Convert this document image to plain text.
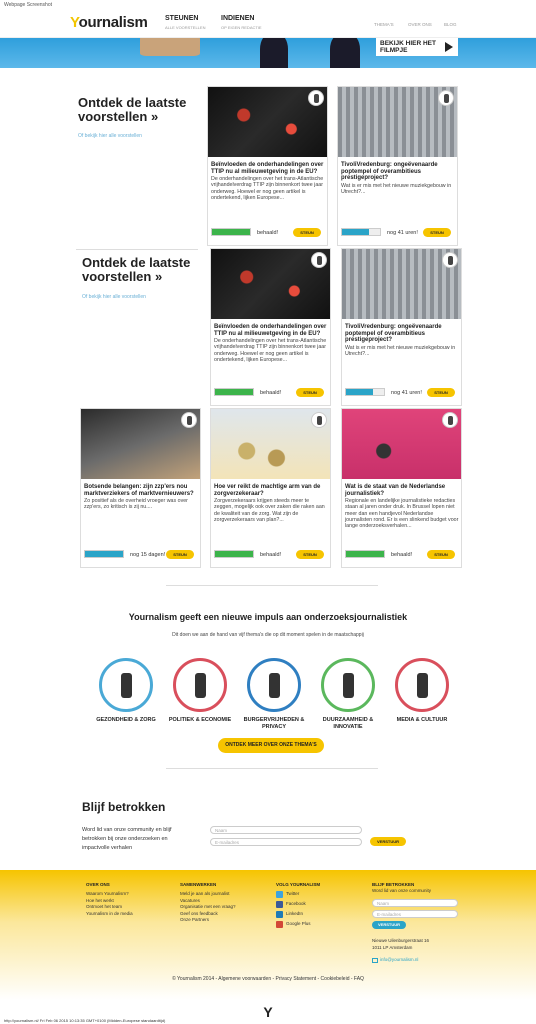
Webpage Screenshot
Yournalism STEUNEN
ALLE VOORSTELLEN
INDIENEN
OP EIGEN REDACTIE
THEMA'S	OVER ONS	BLOG
BEKIJK HIER HET FILMPJE
Ontdek de laatste voorstellen »
Of bekijk hier alle voorstellen
Ontdek de laatste voorstellen »
Of bekijk hier alle voorstellen
Yournalism geeft een nieuwe impuls aan onderzoeksjournalistiek
Dit doen we aan de hand van vijf thema's die op dit moment spelen in de maatschappij
ONTDEK MEER OVER ONZE THEMA'S
Blijf betrokken
Word lid van onze community en blijf betrokken bij onze onderzoeken en impactvolle verhalen
Naam
E-mailadres	VERSTUUR
OVER ONS
Waarom Yournalism?
Hoe het werkt
Ontmoet het team
Yournalism in de media
SAMENWERKEN
Meld je aan als journalist
Vacatures
Organisatie met een vraag?
Geef ons feedback
Onze Partners
VOLG YOURNALISM
Twitter
Facebook
LinkedIn
Google Plus
BLIJF BETROKKEN
Word lid van onze community
Naam
E-mailadres
VERSTUUR
Nieuwe Uilenburgerstraat 16
1011 LP Amsterdam
info@yournalism.nl
© Yournalism 2014 - Algemene voorwaarden - Privacy Statement - Cookiebeleid - FAQ
Y
http://yournalism.nl/ Fri Feb 06 2015 10:13:35 GMT+0100 (Midden-Europese standaardtijd)
Beïnvloeden de onderhandelingen over TTIP nu al milieuwetgeving in de EU?
De onderhandelingen over het trans-Atlantische vrijhandelverdrag TTIP zijn binnenkort twee jaar onderweg. Hoewel er nog geen artikel is ondertekend, lijken Europese...
behaald!	STEUN
TivoliVredenburg: ongeëvenaarde poptempel of overambitieus prestigeproject?
Wat is er mis met het nieuwe muziekgebouw in Utrecht?...
nog 41 uren!	STEUN
Beïnvloeden de onderhandelingen over TTIP nu al milieuwetgeving in de EU?
De onderhandelingen over het trans-Atlantische vrijhandelverdrag TTIP zijn binnenkort twee jaar onderweg. Hoewel er nog geen artikel is ondertekend, lijken Europese...
behaald!	STEUN
TivoliVredenburg: ongeëvenaarde poptempel of overambitieus prestigeproject?
Wat is er mis met het nieuwe muziekgebouw in Utrecht?...
nog 41 uren!	STEUN
Botsende belangen: zijn zzp'ers nou marktverziekers of marktvernieuwers?
Zo positief als de overheid vroeger was over zzp'ers, zo kritisch is zij nu....
nog 15 dagen!	STEUN
Hoe ver reikt de machtige arm van de zorgverzekeraar?
Zorgverzekeraars krijgen steeds meer te zeggen, mogelijk ook over zaken die raken aan de kwaliteit van de zorg. Wat zijn de zorgverzekeraars van plan?...
behaald!	STEUN
Wat is de staat van de Nederlandse journalistiek?
Regionale en landelijke journalistieke redacties staan al jaren onder druk. In Brussel lopen niet meer dan een handjevol Nederlandse journalisten rond. Er is een slinkend budget voor lange onderzoeksverhalen...
behaald!	STEUN
GEZONDHEID & ZORG	POLITIEK & ECONOMIE	BURGERVRIJHEDEN & PRIVACY
DUURZAAMHEID & INNOVATIE
MEDIA & CULTUUR
